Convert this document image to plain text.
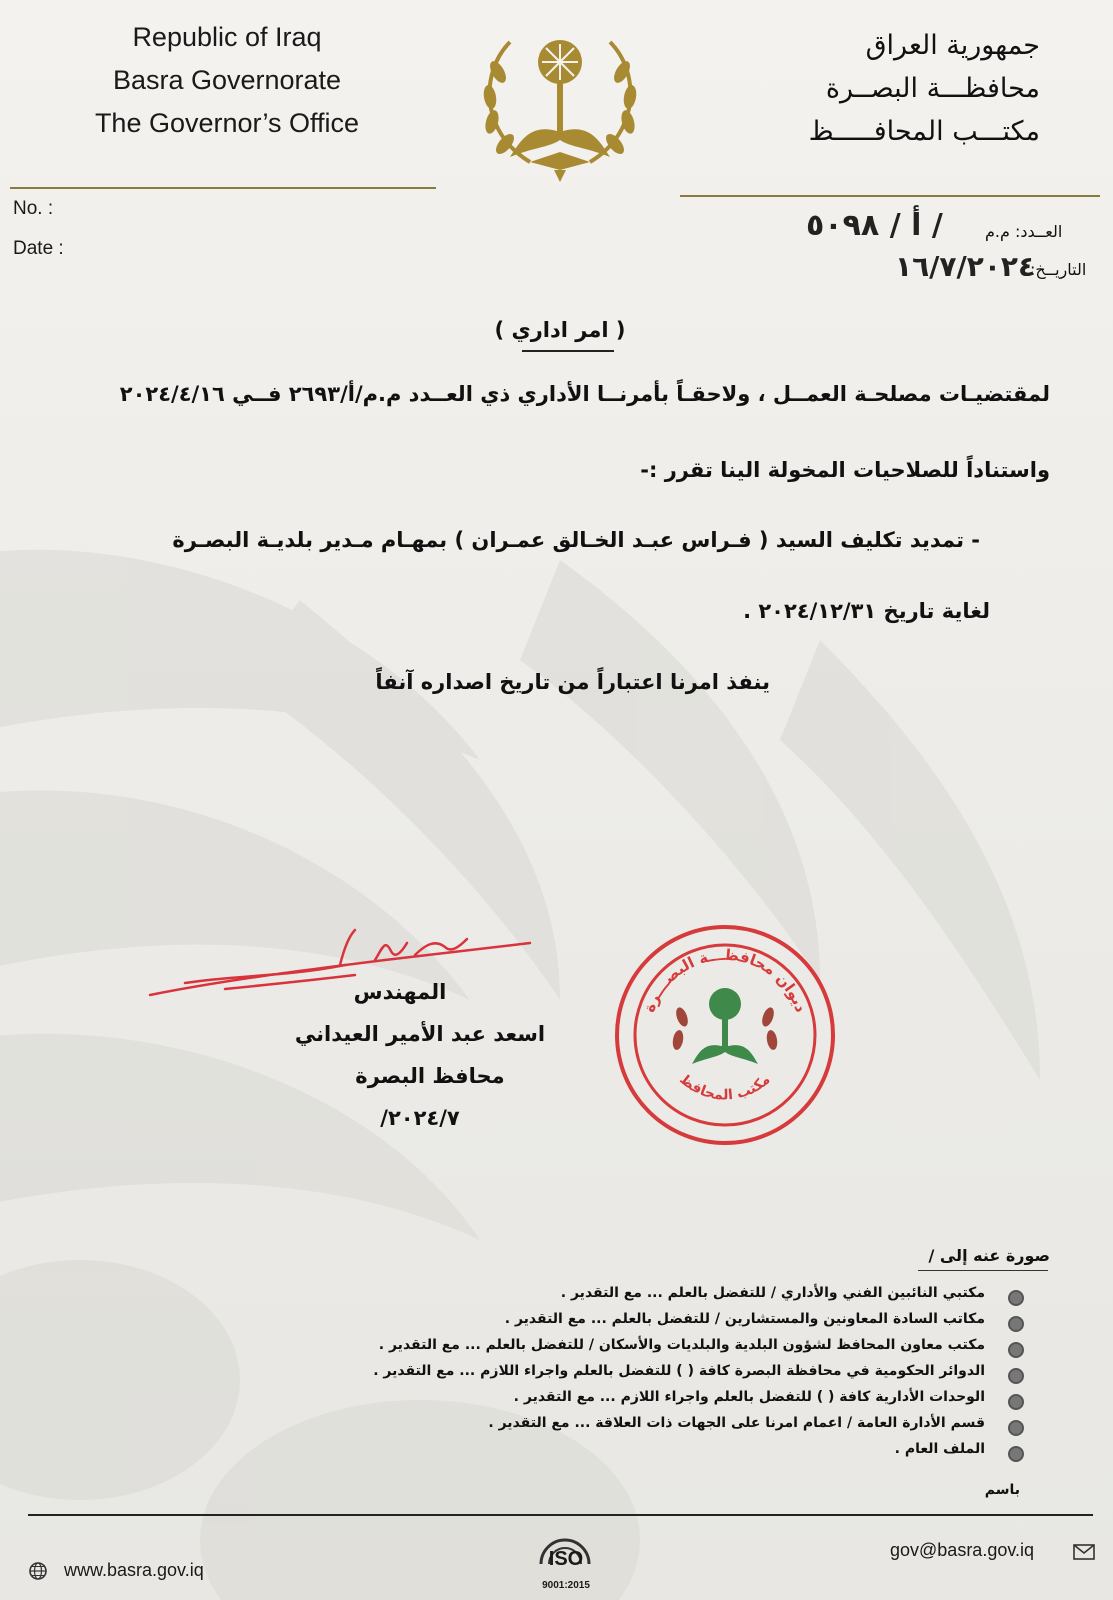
Republic of Iraq
Basra Governorate
The Governor’s Office
جمهورية العراق
محافظـــة البصــرة
مكتـــب المحافـــــظ
No. :
Date :
العــدد: م.م
/ أ / ٥٠٩٨
التاريــخ:
١٦/٧/٢٠٢٤
( امر اداري )
لمقتضيـات مصلحـة العمــل ، ولاحقـاً بأمرنــا الأداري ذي العــدد م.م/أ/٢٦٩٣ فــي ٢٠٢٤/٤/١٦
واستناداً للصلاحيات المخولة الينا تقرر :-
- تمديد تكليف السيد ( فـراس عبـد الخـالق عمـران ) بمهـام مـدير بلديـة البصـرة
لغاية تاريخ ٢٠٢٤/١٢/٣١ .
ينفذ امرنا اعتباراً من تاريخ اصداره آنفاً
المهندس
اسعد عبد الأمير العيداني
محافظ البصرة
٢٠٢٤/٧/
ديوان محافظـــة البصـــرة
مكتب المحافظ
صورة عنه إلى /
مكتبي النائبين الفني والأداري / للتفضل بالعلم ... مع التقدير .
مكاتب السادة المعاونين والمستشارين / للتفضل بالعلم ... مع التقدير .
مكتب معاون المحافظ لشؤون البلدية والبلديات والأسكان / للتفضل بالعلم ... مع التقدير .
الدوائر الحكومية في محافظة البصرة كافة ( ) للتفضل بالعلم واجراء اللازم ... مع التقدير .
الوحدات الأدارية كافة ( ) للتفضل بالعلم واجراء اللازم ... مع التقدير .
قسم الأدارة العامة / اعمام امرنا على الجهات ذات العلاقة ... مع التقدير .
الملف العام .
باسم
www.basra.gov.iq	ISO
9001:2015
gov@basra.gov.iq
